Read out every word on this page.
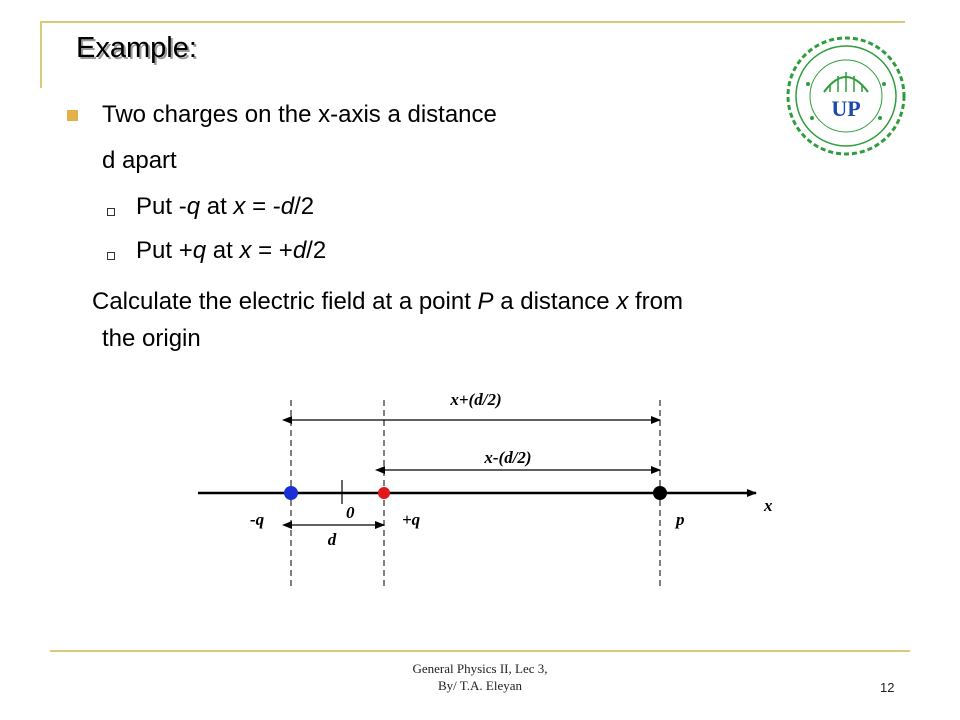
Example:
UP
Two charges on the x-axis a distance
d apart
Put -q at x = -d/2
Put +q at x = +d/2
Calculate the electric field at a point P a distance x from
the origin
x+(d/2)
x-(d/2)
x
0
-q	+q	p
d
General Physics II, Lec 3,
By/ T.A. Eleyan	12
